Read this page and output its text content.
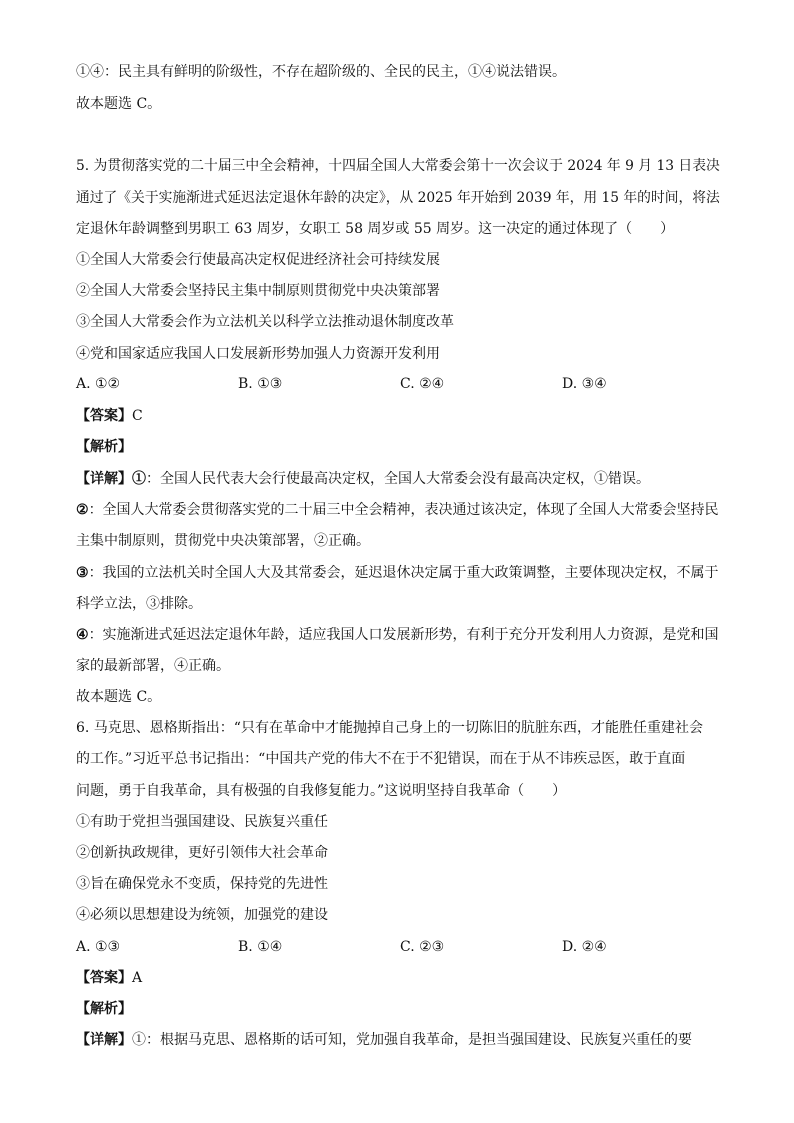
①④：民主具有鲜明的阶级性，不存在超阶级的、全民的民主，①④说法错误。
故本题选 C。
5. 为贯彻落实党的二十届三中全会精神，十四届全国人大常委会第十一次会议于 2024 年 9 月 13 日表决
通过了《关于实施渐进式延迟法定退休年龄的决定》，从 2025 年开始到 2039 年，用 15 年的时间，将法
定退休年龄调整到男职工 63 周岁，女职工 58 周岁或 55 周岁。这一决定的通过体现了（　　）
①全国人大常委会行使最高决定权促进经济社会可持续发展
②全国人大常委会坚持民主集中制原则贯彻党中央决策部署
③全国人大常委会作为立法机关以科学立法推动退休制度改革
④党和国家适应我国人口发展新形势加强人力资源开发利用
A. ①②	B. ①③	C. ②④	D. ③④
【答案】C
【解析】
【详解】①：全国人民代表大会行使最高决定权，全国人大常委会没有最高决定权，①错误。
②：全国人大常委会贯彻落实党的二十届三中全会精神，表决通过该决定，体现了全国人大常委会坚持民
主集中制原则，贯彻党中央决策部署，②正确。
③：我国的立法机关时全国人大及其常委会，延迟退休决定属于重大政策调整，主要体现决定权，不属于
科学立法，③排除。
④：实施渐进式延迟法定退休年龄，适应我国人口发展新形势，有利于充分开发利用人力资源，是党和国
家的最新部署，④正确。
故本题选 C。
6. 马克思、恩格斯指出：“只有在革命中才能抛掉自己身上的一切陈旧的肮脏东西，才能胜任重建社会
的工作。”习近平总书记指出：“中国共产党的伟大不在于不犯错误，而在于从不讳疾忌医，敢于直面
问题，勇于自我革命，具有极强的自我修复能力。”这说明坚持自我革命（　　）
①有助于党担当强国建设、民族复兴重任
②创新执政规律，更好引领伟大社会革命
③旨在确保党永不变质，保持党的先进性
④必须以思想建设为统领，加强党的建设
A. ①③	B. ①④	C. ②③	D. ②④
【答案】A
【解析】
【详解】①：根据马克思、恩格斯的话可知，党加强自我革命，是担当强国建设、民族复兴重任的要
